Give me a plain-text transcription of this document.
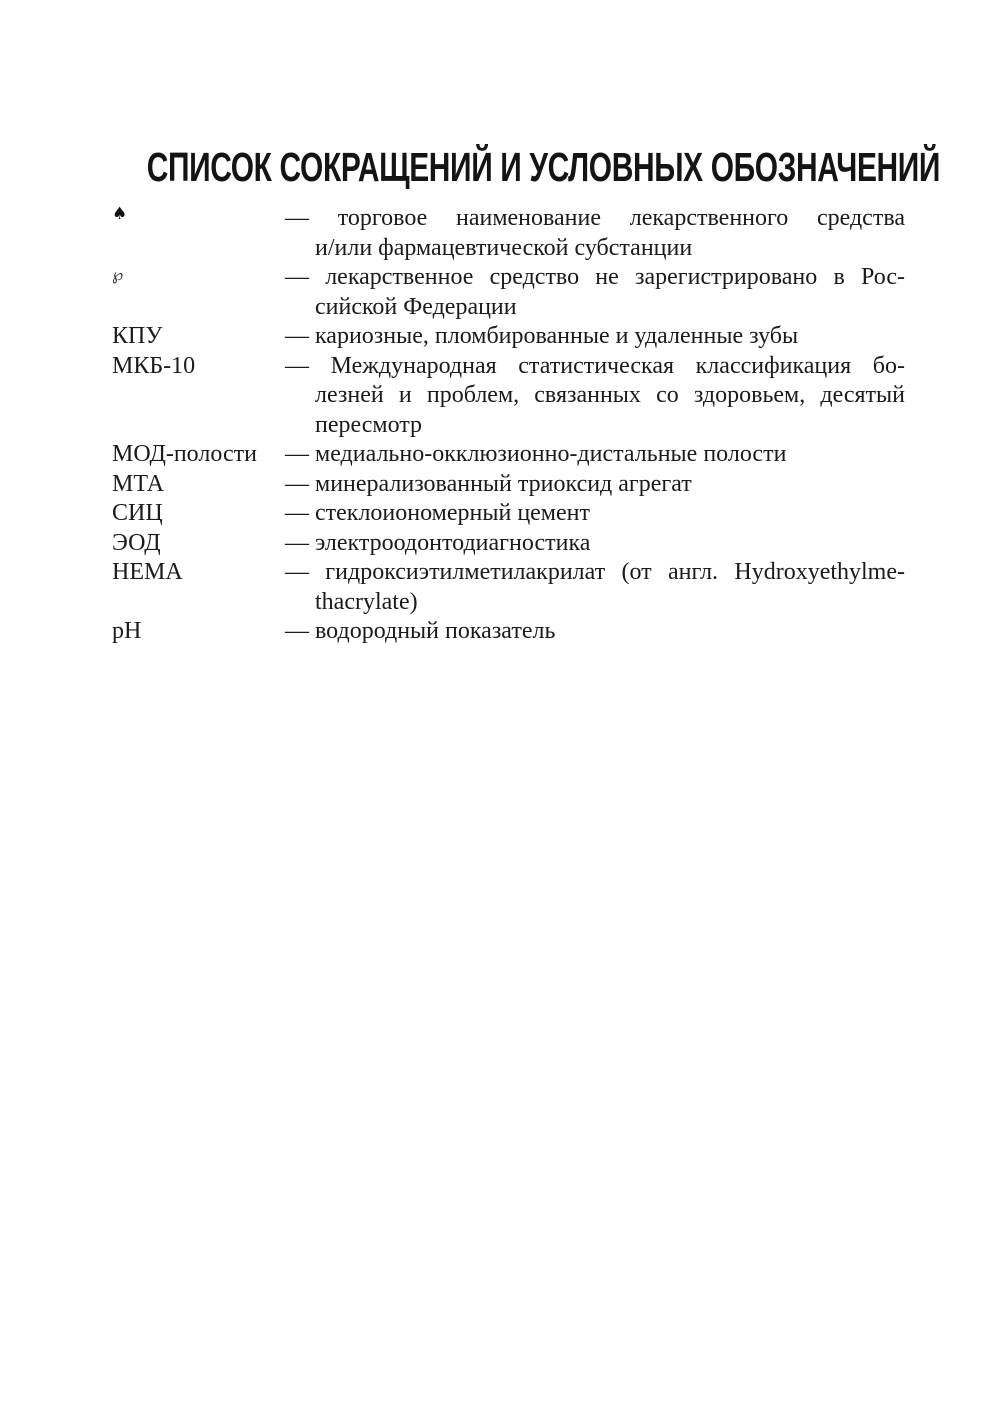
СПИСОК СОКРАЩЕНИЙ И УСЛОВНЫХ ОБОЗНАЧЕНИЙ
♠	— торговое наименование лекарственного средства
и/или фармацевтической субстанции
℘	— лекарственное средство не зарегистрировано в Рос-
сийской Федерации
КПУ	— кариозные, пломбированные и удаленные зубы
МКБ-10	— Международная статистическая классификация бо-
лезней и проблем, связанных со здоровьем, десятый
пересмотр
МОД-полости	— медиально-окклюзионно-дистальные полости
МТА	— минерализованный триоксид агрегат
СИЦ	— стеклоиономерный цемент
ЭОД	— электроодонтодиагностика
HEMA	— гидроксиэтилметилакрилат (от англ. Hydroxyethylme-
thacrylate)
pH	— водородный показатель
